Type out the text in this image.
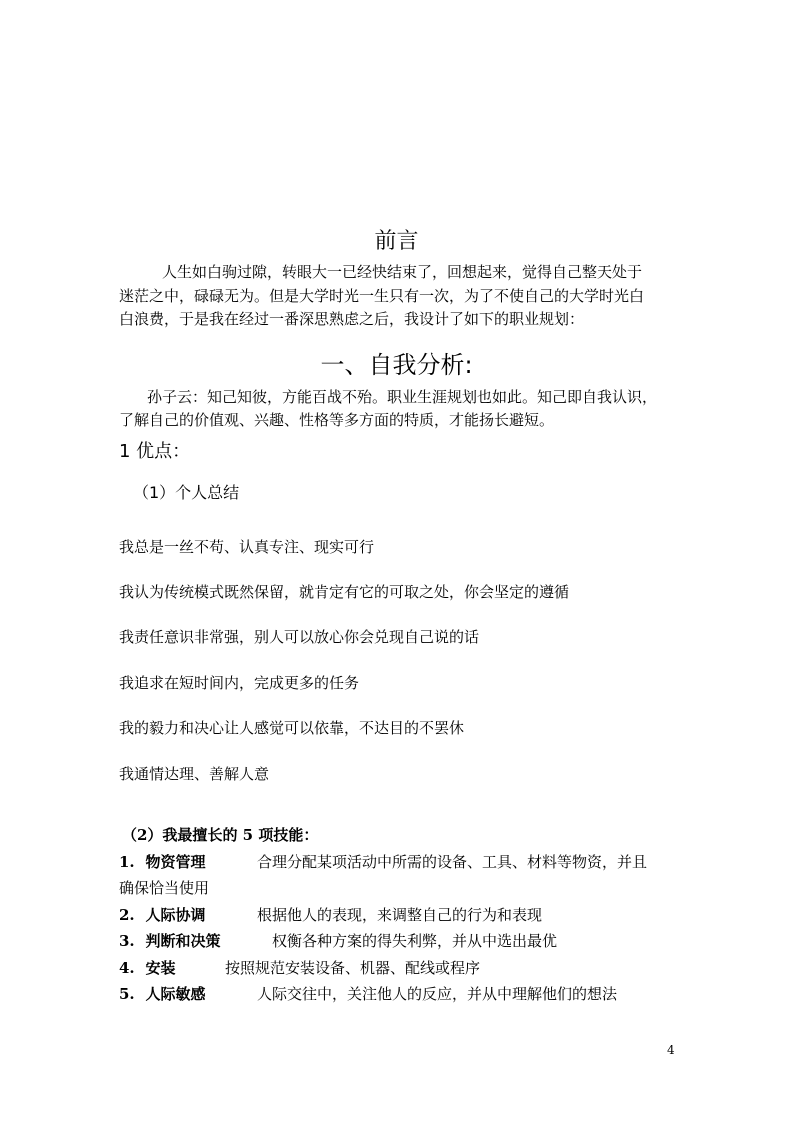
前言
人生如白驹过隙，转眼大一已经快结束了，回想起来，觉得自己整天处于
迷茫之中，碌碌无为。但是大学时光一生只有一次，为了不使自己的大学时光白
白浪费，于是我在经过一番深思熟虑之后，我设计了如下的职业规划：
一、自我分析:
孙子云：知己知彼，方能百战不殆。职业生涯规划也如此。知己即自我认识，
了解自己的价值观、兴趣、性格等多方面的特质，才能扬长避短。
1 优点：
（1）个人总结
我总是一丝不苟、认真专注、现实可行
我认为传统模式既然保留，就肯定有它的可取之处，你会坚定的遵循
我责任意识非常强，别人可以放心你会兑现自己说的话
我追求在短时间内，完成更多的任务
我的毅力和决心让人感觉可以依靠，不达目的不罢休
我通情达理、善解人意
（2）我最擅长的 5 项技能：
1. 物资管理	合理分配某项活动中所需的设备、工具、材料等物资，并且
确保恰当使用
2. 人际协调	根据他人的表现，来调整自己的行为和表现
3. 判断和决策	权衡各种方案的得失利弊，并从中选出最优
4. 安装	按照规范安装设备、机器、配线或程序
5. 人际敏感	人际交往中，关注他人的反应，并从中理解他们的想法
4
